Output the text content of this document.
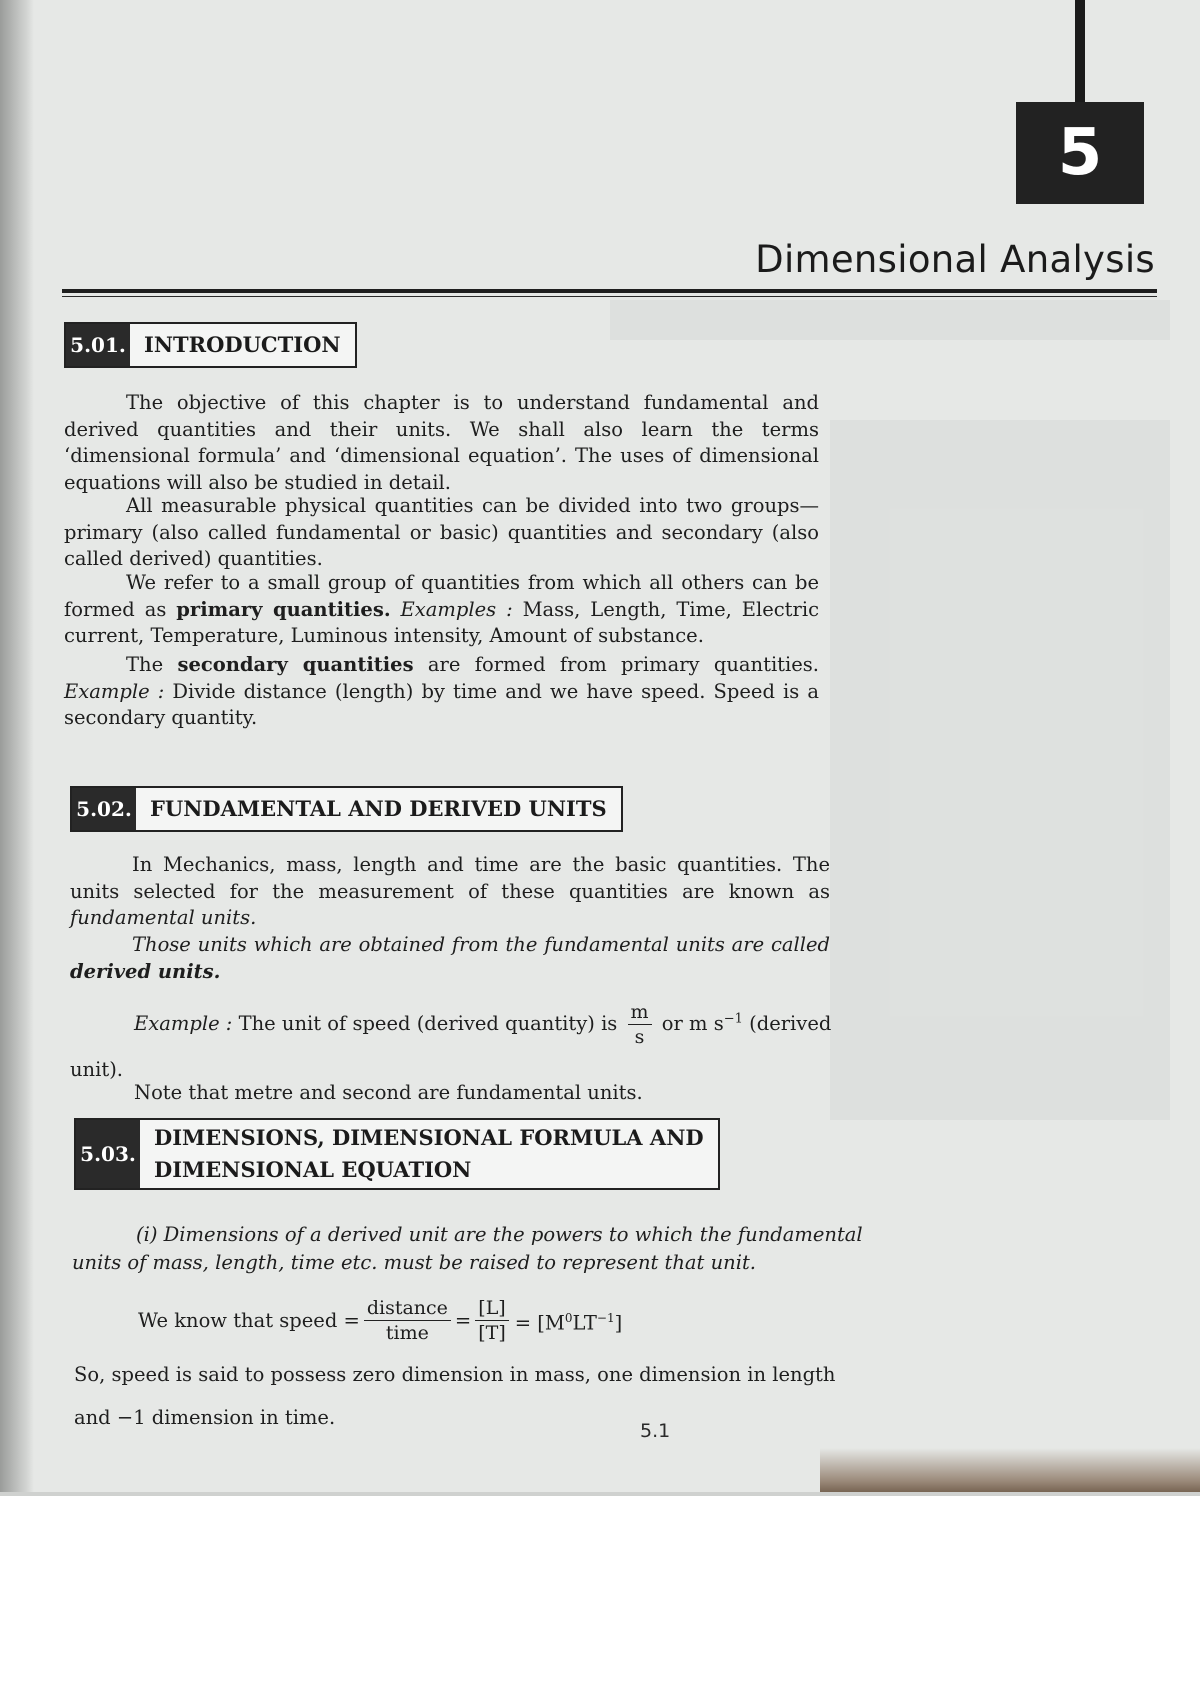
5
Dimensional Analysis
5.01. INTRODUCTION
The objective of this chapter is to understand fundamental and derived quantities and their units. We shall also learn the terms ‘dimensional formula’ and ‘dimensional equation’. The uses of dimensional equations will also be studied in detail.
All measurable physical quantities can be divided into two groups—primary (also called fundamental or basic) quantities and secondary (also called derived) quantities.
We refer to a small group of quantities from which all others can be formed as primary quantities. Examples : Mass, Length, Time, Electric current, Temperature, Luminous intensity, Amount of substance.
The secondary quantities are formed from primary quantities. Example : Divide distance (length) by time and we have speed. Speed is a secondary quantity.
5.02. FUNDAMENTAL AND DERIVED UNITS
In Mechanics, mass, length and time are the basic quantities. The units selected for the measurement of these quantities are known as fundamental units.
Those units which are obtained from the fundamental units are called derived units.
Example : The unit of speed (derived quantity) is $\frac{m}{s}$ or m $s^{-1}$ (derived
unit).
Note that metre and second are fundamental units.
5.03.
DIMENSIONS, DIMENSIONAL FORMULA AND
DIMENSIONAL EQUATION
(i) Dimensions of a derived unit are the powers to which the fundamental
units of mass, length, time etc. must be raised to represent that unit.
We know that speed = $\frac{\text{distance}}{\text{time}} = \frac{[L]}{[T]} = [M^0LT^{-1}]$
So, speed is said to possess zero dimension in mass, one dimension in length
and −1 dimension in time.
5.1
